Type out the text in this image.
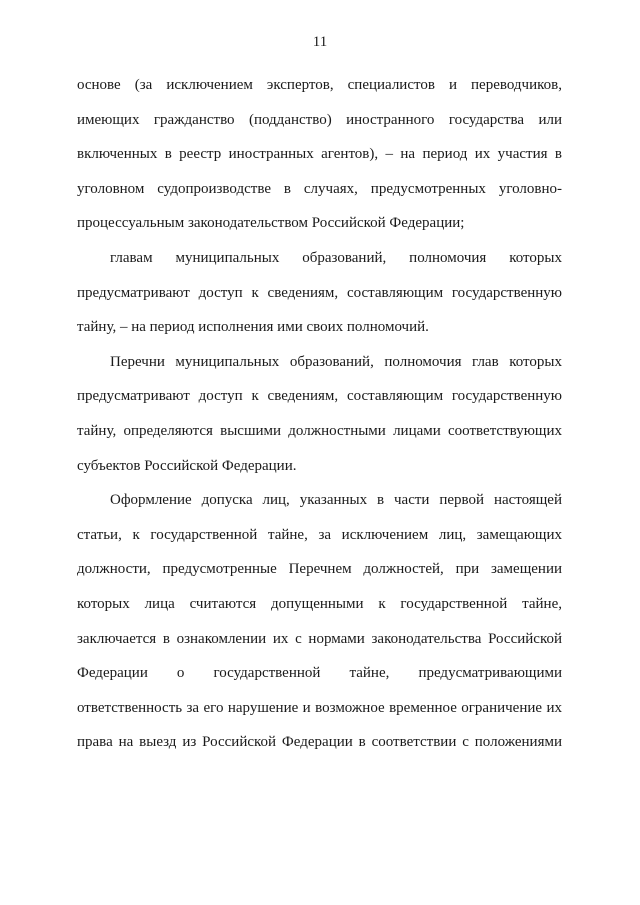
11
основе (за исключением экспертов, специалистов и переводчиков,
имеющих гражданство (подданство) иностранного государства или
включенных в реестр иностранных агентов), – на период их участия в
уголовном судопроизводстве в случаях, предусмотренных уголовно-
процессуальным законодательством Российской Федерации;
главам муниципальных образований, полномочия которых
предусматривают доступ к сведениям, составляющим государственную
тайну, – на период исполнения ими своих полномочий.
Перечни муниципальных образований, полномочия глав которых
предусматривают доступ к сведениям, составляющим государственную
тайну, определяются высшими должностными лицами соответствующих
субъектов Российской Федерации.
Оформление допуска лиц, указанных в части первой настоящей
статьи, к государственной тайне, за исключением лиц, замещающих
должности, предусмотренные Перечнем должностей, при замещении
которых лица считаются допущенными к государственной тайне,
заключается в ознакомлении их с нормами законодательства Российской
Федерации о государственной тайне, предусматривающими
ответственность за его нарушение и возможное временное ограничение их
права на выезд из Российской Федерации в соответствии с положениями
